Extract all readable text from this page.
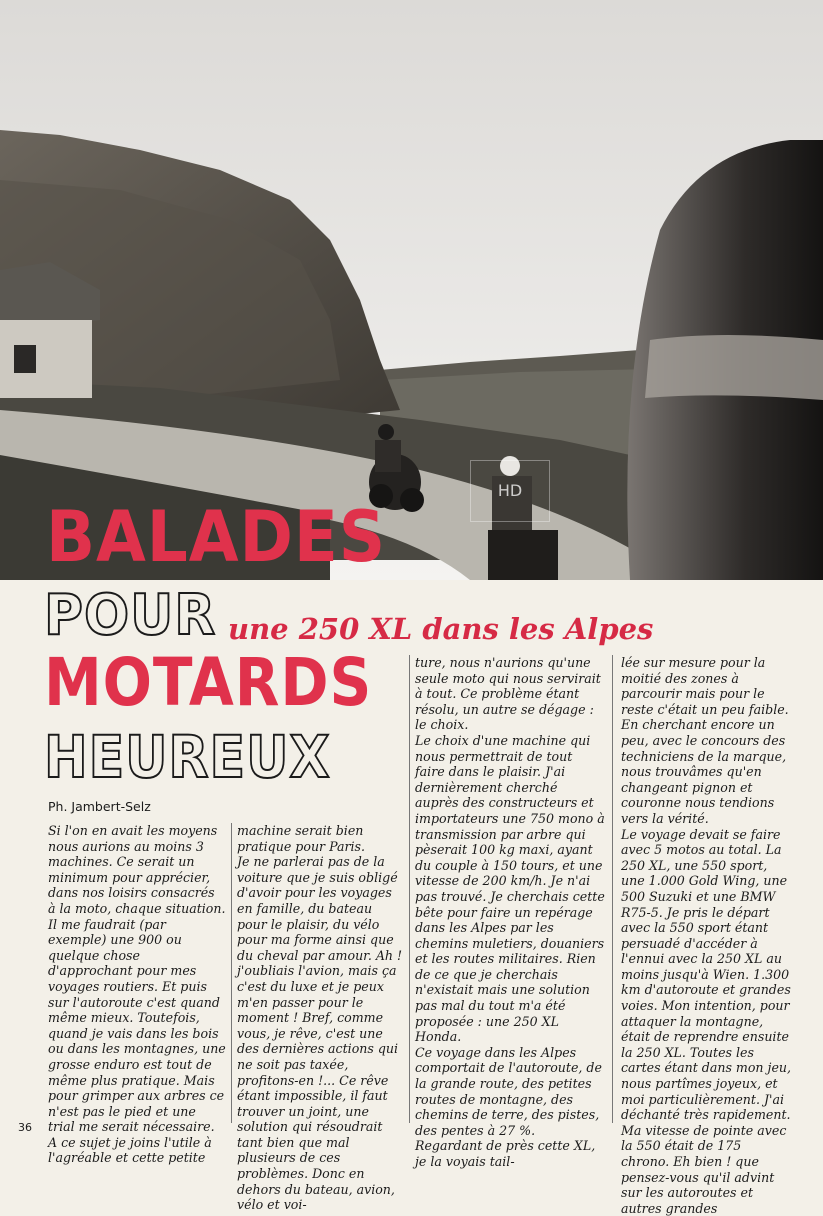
HD
BALADES
POUR une 250 XL dans les Alpes
MOTARDS
HEUREUX
Ph. Jambert-Selz

Si l'on en avait les moyens nous aurions au moins 3 machines. Ce serait un minimum pour apprécier, dans nos loisirs consacrés à la moto, chaque situation. Il me faudrait (par exemple) une 900 ou quelque chose d'approchant pour mes voyages routiers. Et puis sur l'autoroute c'est quand même mieux. Toutefois, quand je vais dans les bois ou dans les montagnes, une grosse enduro est tout de même plus pratique. Mais pour grimper aux arbres ce n'est pas le pied et une trial me serait nécessaire. A ce sujet je joins l'utile à l'agréable et cette petite

machine serait bien pratique pour Paris.

Je ne parlerai pas de la voiture que je suis obligé d'avoir pour les voyages en famille, du bateau pour le plaisir, du vélo pour ma forme ainsi que du cheval par amour. Ah ! j'oubliais l'avion, mais ça c'est du luxe et je peux m'en passer pour le moment ! Bref, comme vous, je rêve, c'est une des dernières actions qui ne soit pas taxée, profitons-en !... Ce rêve étant impossible, il faut trouver un joint, une solution qui résoudrait tant bien que mal plusieurs de ces problèmes. Donc en dehors du bateau, avion, vélo et voi-

ture, nous n'aurions qu'une seule moto qui nous servirait à tout. Ce problème étant résolu, un autre se dégage : le choix.

Le choix d'une machine qui nous permettrait de tout faire dans le plaisir. J'ai dernièrement cherché auprès des constructeurs et importateurs une 750 mono à transmission par arbre qui pèserait 100 kg maxi, ayant du couple à 150 tours, et une vitesse de 200 km/h. Je n'ai pas trouvé. Je cherchais cette bête pour faire un repérage dans les Alpes par les chemins muletiers, douaniers et les routes militaires. Rien de ce que je cherchais n'existait mais une solution pas mal du tout m'a été proposée : une 250 XL Honda.

Ce voyage dans les Alpes comportait de l'autoroute, de la grande route, des petites routes de montagne, des chemins de terre, des pistes, des pentes à 27 %. Regardant de près cette XL, je la voyais tail-

lée sur mesure pour la moitié des zones à parcourir mais pour le reste c'était un peu faible. En cherchant encore un peu, avec le concours des techniciens de la marque, nous trouvâmes qu'en changeant pignon et couronne nous tendions vers la vérité.

Le voyage devait se faire avec 5 motos au total. La 250 XL, une 550 sport, une 1.000 Gold Wing, une 500 Suzuki et une BMW R75-5. Je pris le départ avec la 550 sport étant persuadé d'accéder à l'ennui avec la 250 XL au moins jusqu'à Wien. 1.300 km d'autoroute et grandes voies. Mon intention, pour attaquer la montagne, était de reprendre ensuite la 250 XL. Toutes les cartes étant dans mon jeu, nous partîmes joyeux, et moi particulièrement. J'ai déchanté très rapidement. Ma vitesse de pointe avec la 550 était de 175 chrono. Eh bien ! que pensez-vous qu'il advint sur les autoroutes et autres grandes

36
